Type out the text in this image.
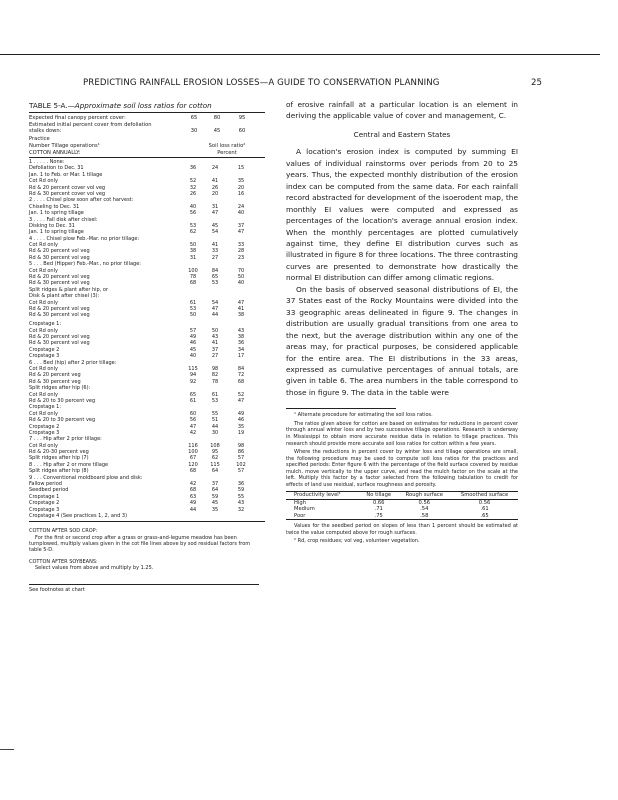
PREDICTING RAINFALL EROSION LOSSES—A GUIDE TO CONSERVATION PLANNING	25
TABLE 5-A.—Approximate soil loss ratios for cotton
Expected final canopy percent cover:	65	80	95
Estimated initial percent cover from defoliation
stalks down:	30	45	60
Practice
Number Tillage operations¹	Soil loss ratio²
COTTON ANNUALLY:	Percent
1 . . . . . None:
Defoliation to Dec. 31	36	24	15
Jan. 1 to Feb. or Mar. 1 tillage
Cot Rd only	52	41	35
Rd & 20 percent cover vol veg	32	26	20
Rd & 30 percent cover vol veg	26	20	16
2 . . . . Chisel plow soon after cot harvest:
Chiseling to Dec. 31	40	31	24
Jan. 1 to spring tillage	56	47	40
3 . . . . Fall disk after chisel:
Disking to Dec. 31	53	45	37
Jan. 1 to spring tillage	62	54	47
4 . . . . Chisel plow Feb.-Mar. no prior tillage:
Cot Rd only	50	41	33
Rd & 20 percent vol veg	38	33	28
Rd & 30 percent vol veg	31	27	23
5 . . . Bed (Hipper) Feb.-Mar., no prior tillage:
Cot Rd only	100	84	70
Rd & 20 percent vol veg	78	65	50
Rd & 30 percent vol veg	68	53	40
Split ridges & plant after hip, or
Disk & plant after chisel (3):
Cot Rd only	61	54	47
Rd & 20 percent vol veg	53	47	41
Rd & 30 percent vol veg	50	44	38
Cropstage 1:
Cot Rd only	57	50	43
Rd & 20 percent vol veg	49	43	38
Rd & 30 percent vol veg	46	41	36
Cropstage 2	45	37	34
Cropstage 3	40	27	17
6 . . . Bed (hip) after 2 prior tillage:
Cot Rd only	115	98	84
Rd & 20 percent veg	94	82	72
Rd & 30 percent veg	92	78	68
Split ridges after hip (6):
Cot Rd only	65	61	52
Rd & 20 to 30 percent veg	61	53	47
Cropstage 1:
Cot Rd only	60	55	49
Rd & 20 to 30 percent veg	56	51	46
Cropstage 2	47	44	35
Cropstage 3	42	30	19
7 . . . Hip after 2 prior tillage:
Cot Rd only	116	108	98
Rd & 20-30 percent veg	100	95	86
Split ridges after hip (7)	67	62	57
8 . . . Hip after 2 or more tillage	120	115	102
Split ridges after hip (8)	68	64	57
9 . . . Conventional moldboard plow and disk:
Fallow period	42	37	36
Seedbed period	68	64	59
Cropstage 1	63	59	55
Cropstage 2	49	45	43
Cropstage 3	44	35	32
Cropstage 4 (See practices 1, 2, and 3)
COTTON AFTER SOD CROP:

For the first or second crop after a grass or grass-and-legume meadow has been turnplowed, multiply values given in the cot file lines above by sod residual factors from table 5-D.

COTTON AFTER SOYBEANS:

Select values from above and multiply by 1.25.

See footnotes at chart

of erosive rainfall at a particular location is an element in deriving the applicable value of cover and management, C.

Central and Eastern States

A location's erosion index is computed by summing EI values of individual rainstorms over periods from 20 to 25 years. Thus, the expected monthly distribution of the erosion index can be computed from the same data. For each rainfall record abstracted for development of the isoerodent map, the monthly EI values were computed and expressed as percentages of the location's average annual erosion index. When the monthly percentages are plotted cumulatively against time, they define EI distribution curves such as illustrated in figure 8 for three locations. The three contrasting curves are presented to demonstrate how drastically the normal EI distribution can differ among climatic regions.

On the basis of observed seasonal distributions of EI, the 37 States east of the Rocky Mountains were divided into the 33 geographic areas delineated in figure 9. The changes in distribution are usually gradual transitions from one area to the next, but the average distribution within any one of the areas may, for practical purposes, be considered applicable for the entire area. The EI distributions in the 33 areas, expressed as cumulative percentages of annual totals, are given in table 6. The area numbers in the table correspond to those in figure 9. The data in the table were

¹ Alternate procedure for estimating the soil loss ratios.

The ratios given above for cotton are based on estimates for reductions in percent cover through annual winter loss and by two successive tillage operations. Research is underway in Mississippi to obtain more accurate residue data in relation to tillage practices. This research should provide more accurate soil loss ratios for cotton within a few years.

Where the reductions in percent cover by winter loss and tillage operations are small, the following procedure may be used to compute soil loss ratios for the practices and specified periods: Enter figure 6 with the percentage of the field surface covered by residue mulch, move vertically to the upper curve, and read the mulch factor on the scale at the left. Multiply this factor by a factor selected from the following tabulation to credit for effects of land use residual, surface roughness and porosity.

Productivity level¹	No tillage	Rough surface	Smoothed surface
High	0.66	0.56	0.56
Medium	.71	.54	.61
Poor	.75	.58	.65

Values for the seedbed period on slopes of less than 1 percent should be estimated at twice the value computed above for rough surfaces.

² Rd, crop residues; vol veg, volunteer vegetation.
